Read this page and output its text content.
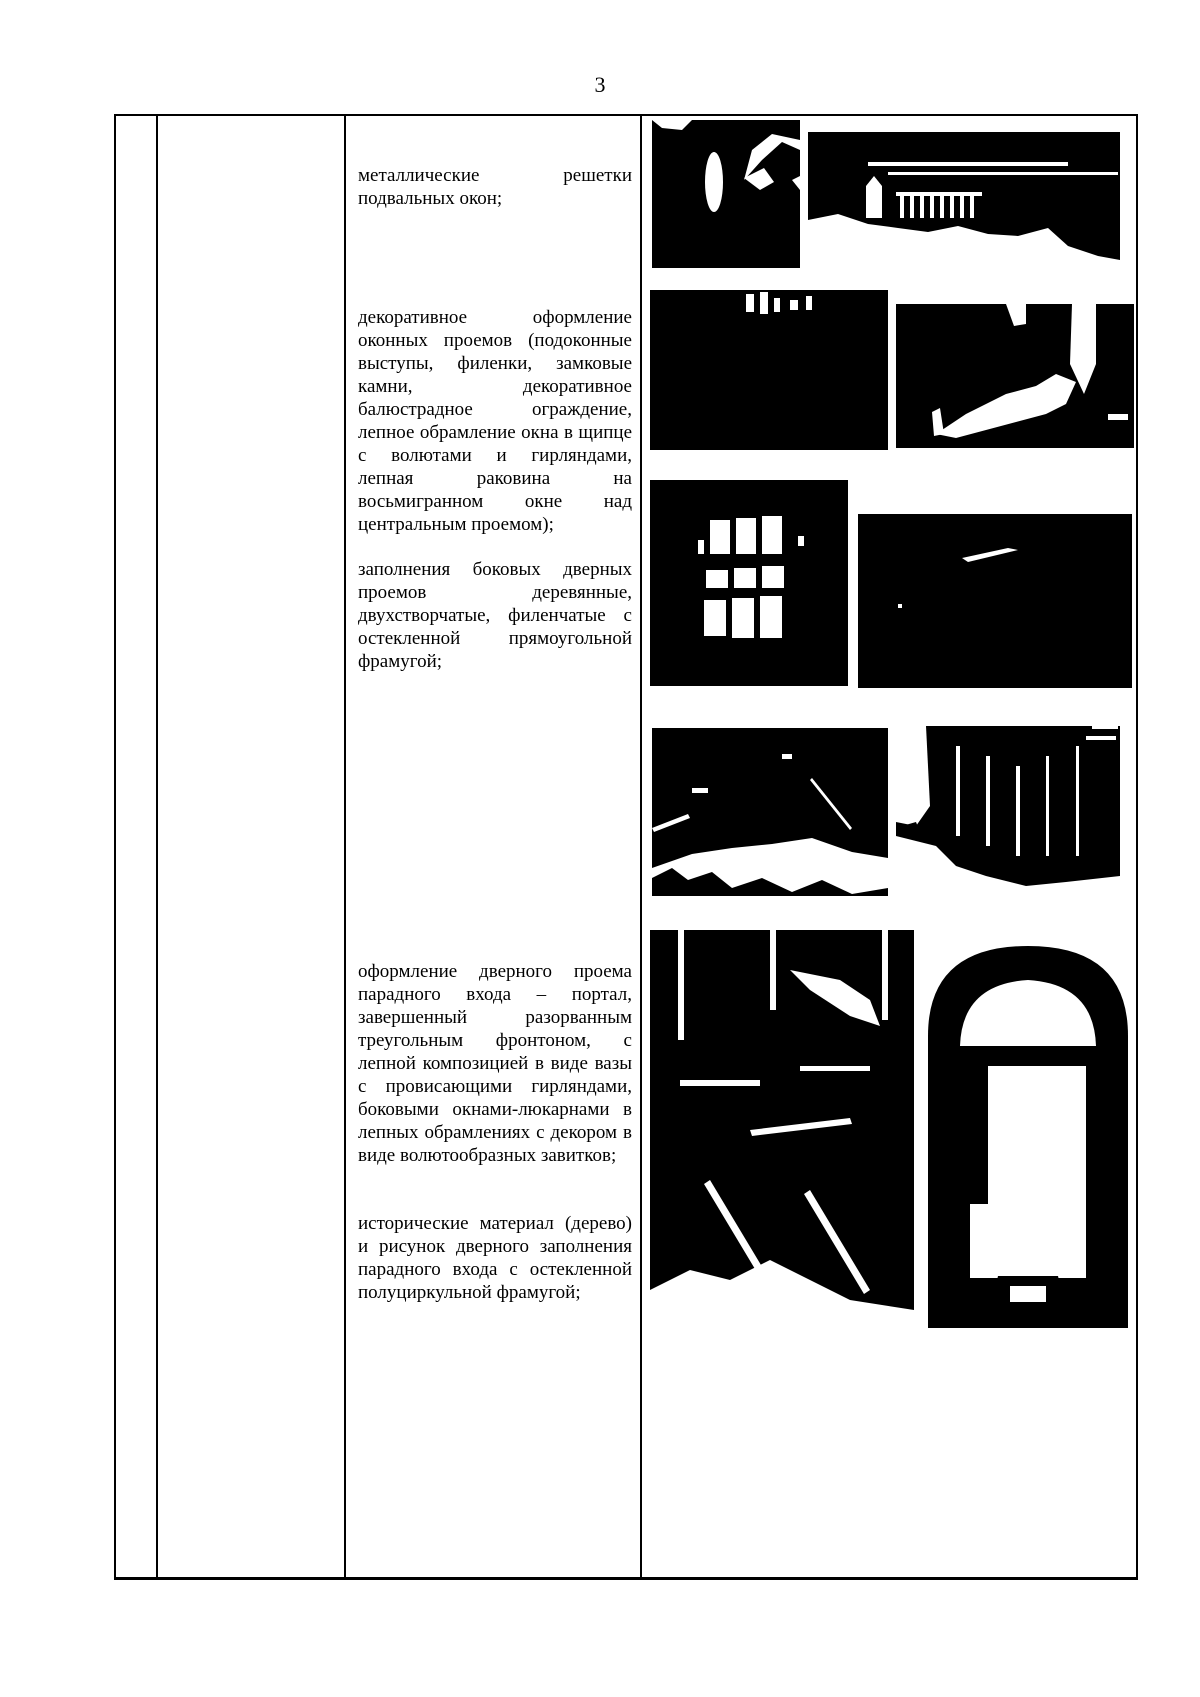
3
металлические решетки подвальных окон;
декоративное оформление оконных проемов (подоконные выступы, филенки, замковые камни, декоративное балюстрадное ограждение, лепное обрамление окна в щипце с волютами и гирляндами, лепная раковина на восьмигранном окне над центральным проемом);
заполнения боковых дверных проемов деревянные, двухстворчатые, филенчатые с остекленной прямоугольной фрамугой;
оформление дверного проема парадного входа – портал, завершенный разорванным треугольным фронтоном, с лепной композицией в виде вазы с провисающими гирляндами, боковыми окнами-люкарнами в лепных обрамлениях с декором в виде волютообразных завитков;
исторические материал (дерево) и рисунок дверного заполнения парадного входа с остекленной полуциркульной фрамугой;
